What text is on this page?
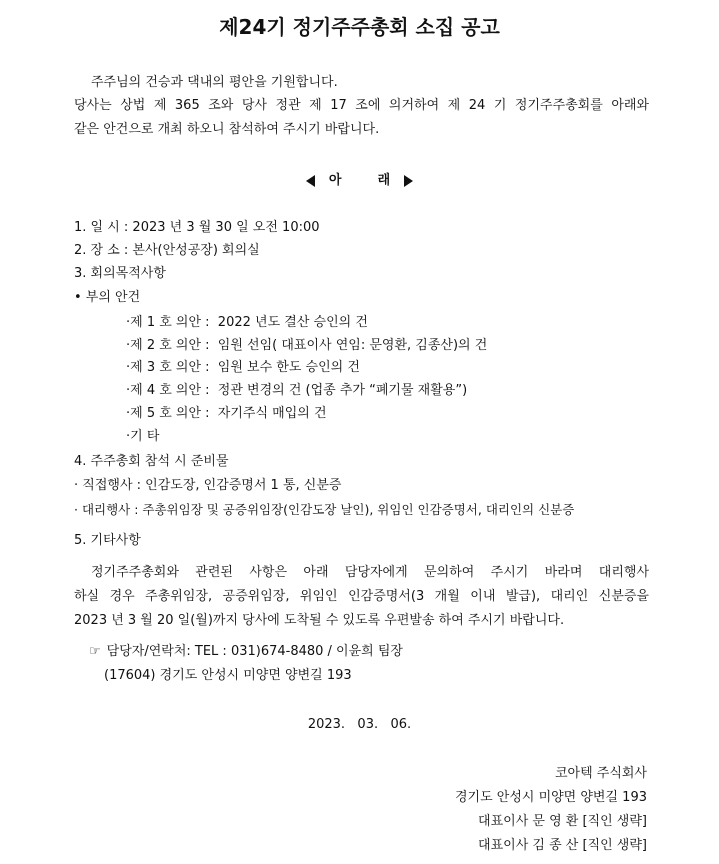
제24기 정기주주총회 소집 공고
주주님의 건승과 댁내의 평안을 기원합니다.
당사는 상법 제 365 조와 당사 정관 제 17 조에 의거하여 제 24 기 정기주주총회를 아래와
같은 안건으로 개최 하오니 참석하여 주시기 바랍니다.
아        래
1. 일 시 : 2023 년 3 월 30 일 오전 10:00
2. 장 소 : 본사(안성공장) 회의실
3. 회의목적사항
• 부의 안건
·제 1 호 의안 :  2022 년도 결산 승인의 건
·제 2 호 의안 :  임원 선임( 대표이사 연임: 문영환, 김종산)의 건
·제 3 호 의안 :  임원 보수 한도 승인의 건
·제 4 호 의안 :  정관 변경의 건 (업종 추가 “폐기물 재활용”)
·제 5 호 의안 :  자기주식 매입의 건
·기 타
4. 주주총회 참석 시 준비물
· 직접행사 : 인감도장, 인감증명서 1 통, 신분증
· 대리행사 : 주총위임장 및 공증위임장(인감도장 날인), 위임인 인감증명서, 대리인의 신분증
5. 기타사항
정기주주총회와 관련된 사항은 아래 담당자에게 문의하여 주시기 바라며 대리행사
하실 경우 주총위임장, 공증위임장, 위임인 인감증명서(3 개월 이내 발급), 대리인 신분증을
2023 년 3 월 20 일(월)까지 당사에 도착될 수 있도록 우편발송 하여 주시기 바랍니다.
☞ 담당자/연락처: TEL : 031)674-8480 / 이윤희 팀장
(17604) 경기도 안성시 미양면 양변길 193
2023.   03.   06.
코아텍 주식회사
경기도 안성시 미양면 양변길 193
대표이사 문 영 환 [직인 생략]
대표이사 김 종 산 [직인 생략]
